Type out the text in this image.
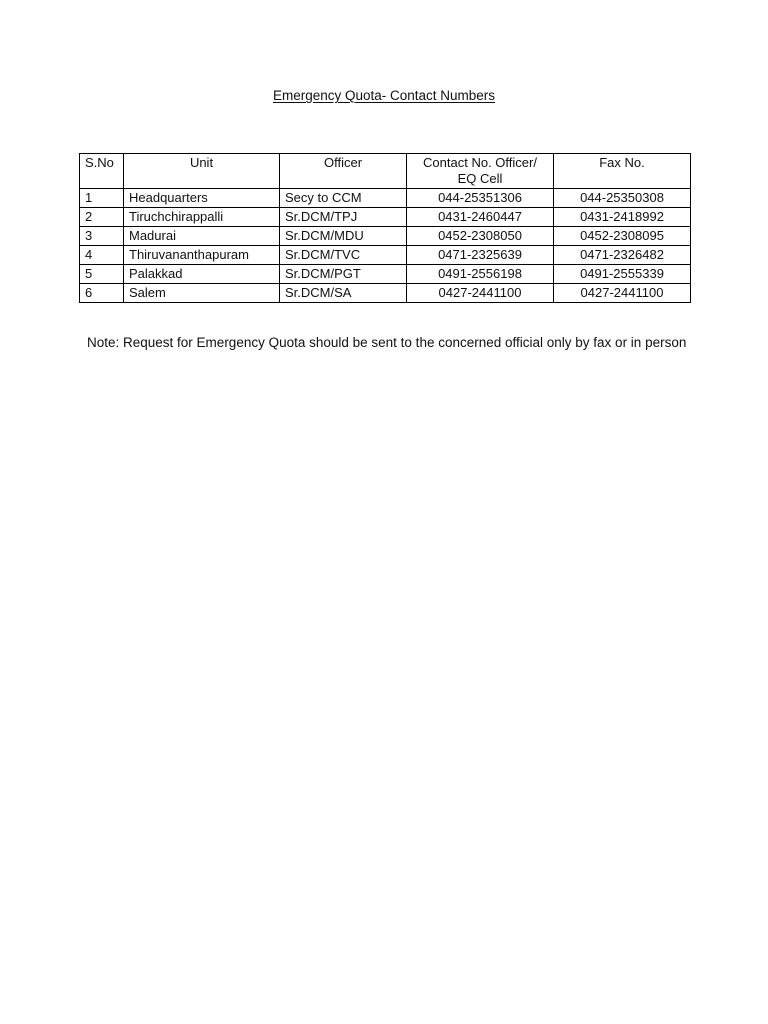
Emergency Quota- Contact Numbers
S.No	Unit	Officer	Contact No. Officer/ EQ Cell	Fax No.
1	Headquarters	Secy to CCM	044-25351306	044-25350308
2	Tiruchchirappalli	Sr.DCM/TPJ	0431-2460447	0431-2418992
3	Madurai	Sr.DCM/MDU	0452-2308050	0452-2308095
4	Thiruvananthapuram	Sr.DCM/TVC	0471-2325639	0471-2326482
5	Palakkad	Sr.DCM/PGT	0491-2556198	0491-2555339
6	Salem	Sr.DCM/SA	0427-2441100	0427-2441100
Note: Request for Emergency Quota should be sent to the concerned official only by fax or in person
